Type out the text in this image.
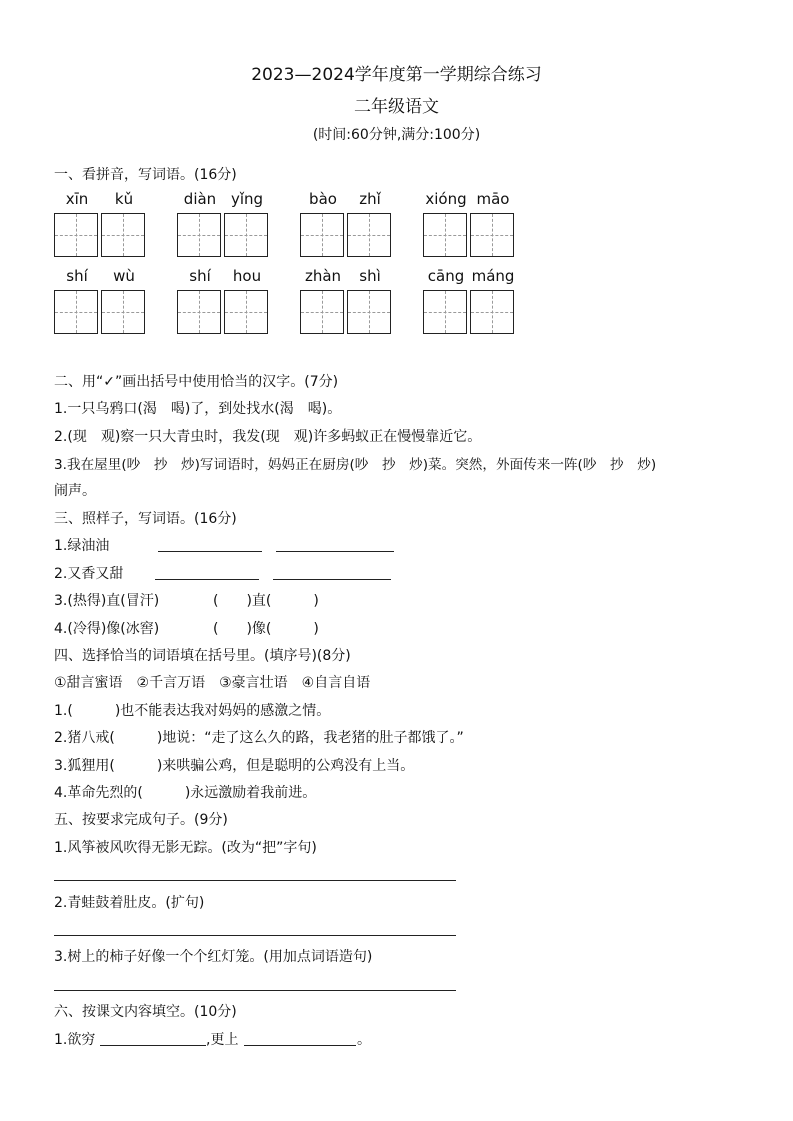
2023—2024学年度第一学期综合练习
二年级语文
(时间:60分钟,满分:100分)
一、看拼音，写词语。(16分)
xīn	kǔ	diàn yǐng	bào	zhǐ	xióng māo
shí	wù	shí	hou	zhàn	shì	cāng máng
二、用“✓”画出括号中使用恰当的汉字。(7分)
1.一只乌鸦口(渴　喝)了，到处找水(渴　喝)。
2.(现　观)察一只大青虫时，我发(现　观)许多蚂蚁正在慢慢靠近它。
3.我在屋里(吵　抄　炒)写词语时，妈妈正在厨房(吵　抄　炒)菜。突然，外面传来一阵(吵　抄　炒)
闹声。
三、照样子，写词语。(16分)
1.绿油油
2.又香又甜
3.(热得)直(冒汗)	(　　)直(　　　)
4.(冷得)像(冰窖)	(　　)像(　　　)
四、选择恰当的词语填在括号里。(填序号)(8分)
①甜言蜜语　②千言万语　③豪言壮语　④自言自语
1.(　　　)也不能表达我对妈妈的感激之情。
2.猪八戒(　　　)地说：“走了这么久的路，我老猪的肚子都饿了。”
3.狐狸用(　　　)来哄骗公鸡，但是聪明的公鸡没有上当。
4.革命先烈的(　　　)永远激励着我前进。
五、按要求完成句子。(9分)
1.风筝被风吹得无影无踪。(改为“把”字句)
2.青蛙鼓着肚皮。(扩句)
3.树上的柿子好像一个个红灯笼。(用加点词语造句)
六、按课文内容填空。(10分)
1.欲穷	,更上	。
